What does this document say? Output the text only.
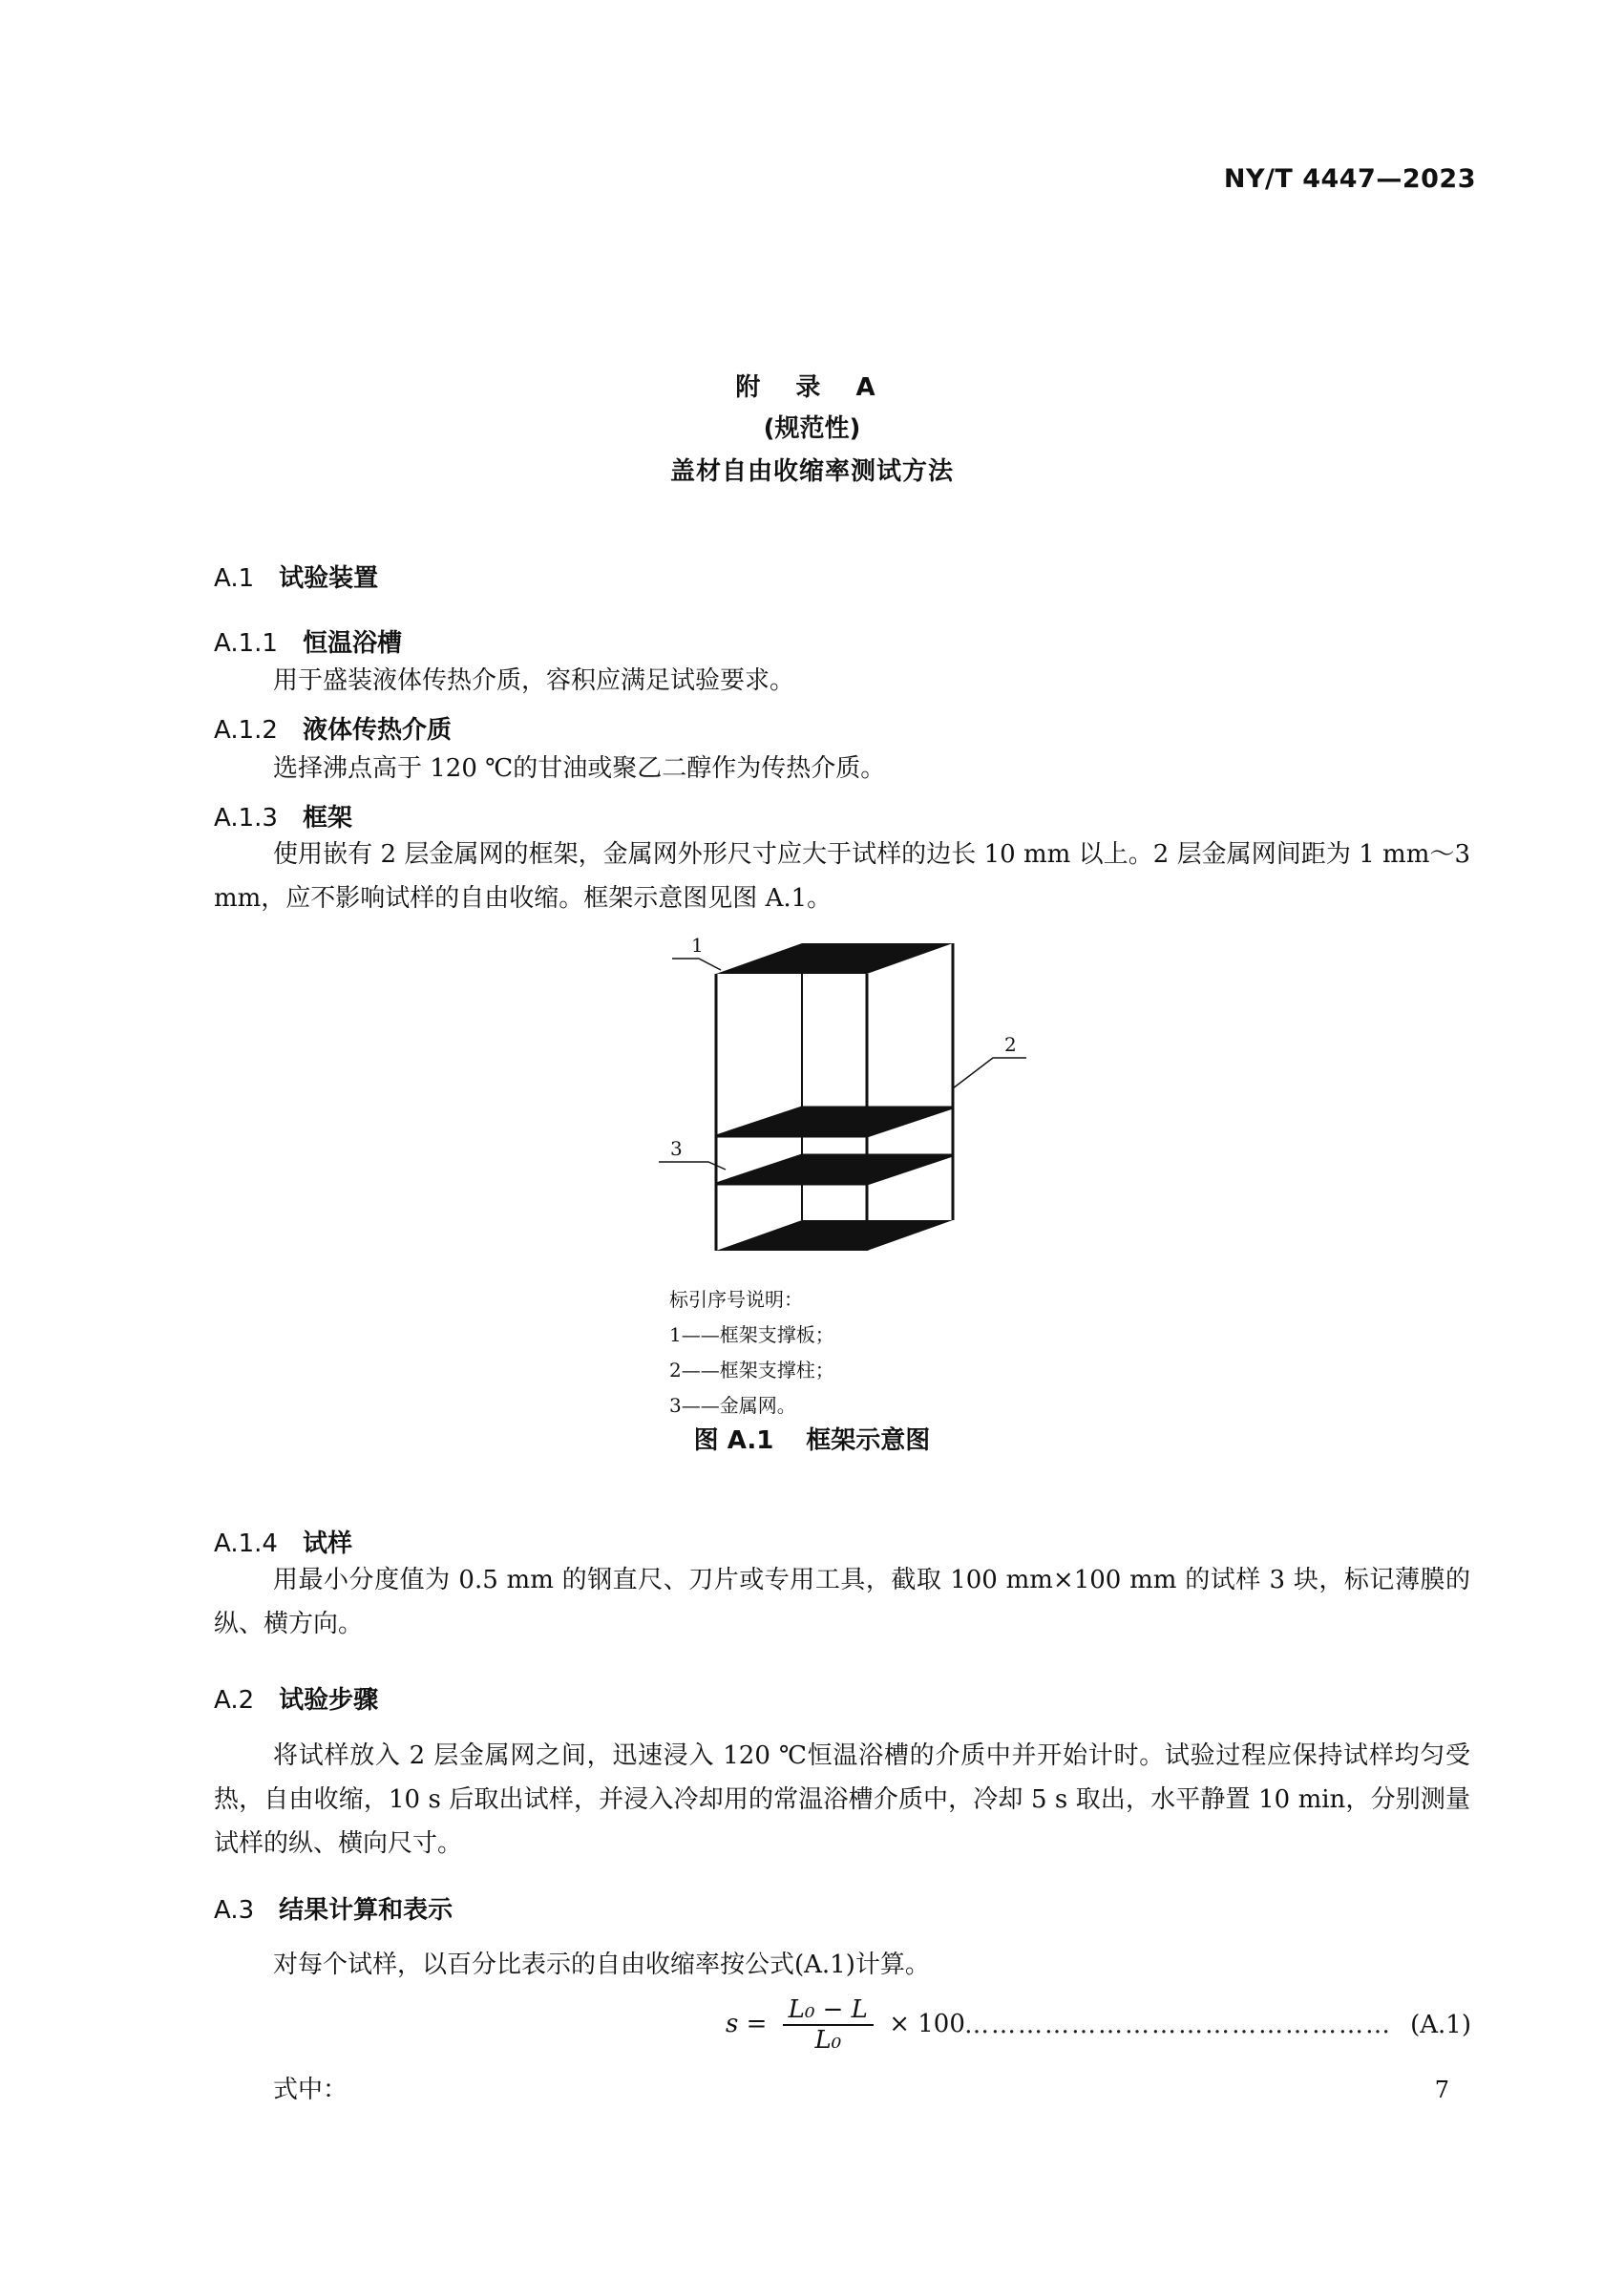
NY/T 4447—2023
附 录 A
(规范性)
盖材自由收缩率测试方法
A.1 试验装置
A.1.1 恒温浴槽
用于盛装液体传热介质，容积应满足试验要求。
A.1.2 液体传热介质
选择沸点高于 120 ℃的甘油或聚乙二醇作为传热介质。
A.1.3 框架
使用嵌有 2 层金属网的框架，金属网外形尺寸应大于试样的边长 10 mm 以上。2 层金属网间距为 1 mm～3 mm，应不影响试样的自由收缩。框架示意图见图 A.1。
1
2
3
标引序号说明：
1——框架支撑板；
2——框架支撑柱；
3——金属网。
图 A.1 框架示意图
A.1.4 试样
用最小分度值为 0.5 mm 的钢直尺、刀片或专用工具，截取 100 mm×100 mm 的试样 3 块，标记薄膜的纵、横方向。
A.2 试验步骤
将试样放入 2 层金属网之间，迅速浸入 120 ℃恒温浴槽的介质中并开始计时。试验过程应保持试样均匀受热，自由收缩，10 s 后取出试样，并浸入冷却用的常温浴槽介质中，冷却 5 s 取出，水平静置 10 min，分别测量试样的纵、横向尺寸。
A.3 结果计算和表示
对每个试样，以百分比表示的自由收缩率按公式(A.1)计算。
$s = \frac{\text{L₀ − L}}{\text{L₀}} \times 100$ ………………………………………… (A.1)
式中：	7
